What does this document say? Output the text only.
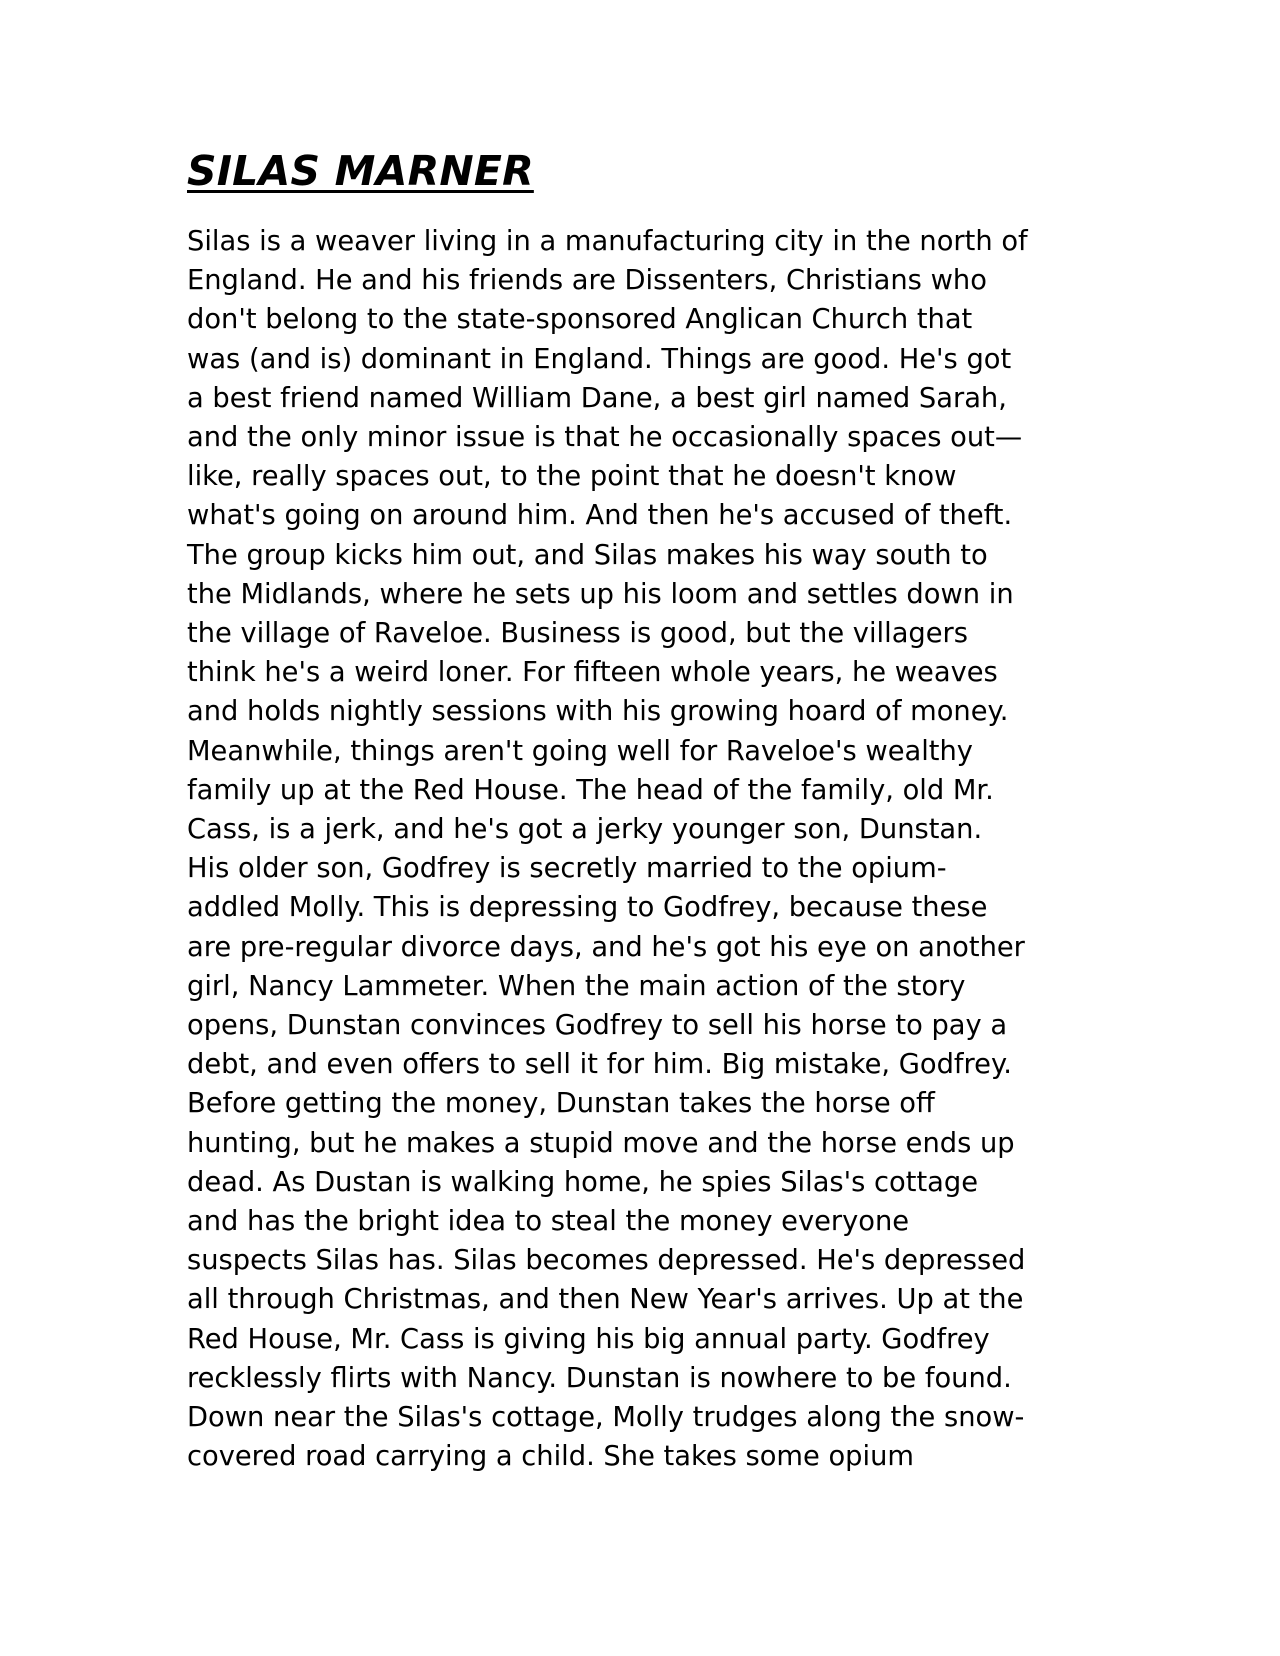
SILAS MARNER
Silas is a weaver living in a manufacturing city in the north of
England. He and his friends are Dissenters, Christians who
don't belong to the state-sponsored Anglican Church that
was (and is) dominant in England. Things are good. He's got
a best friend named William Dane, a best girl named Sarah,
and the only minor issue is that he occasionally spaces out—
like, really spaces out, to the point that he doesn't know
what's going on around him. And then he's accused of theft.
The group kicks him out, and Silas makes his way south to
the Midlands, where he sets up his loom and settles down in
the village of Raveloe. Business is good, but the villagers
think he's a weird loner. For fifteen whole years, he weaves
and holds nightly sessions with his growing hoard of money.
Meanwhile, things aren't going well for Raveloe's wealthy
family up at the Red House. The head of the family, old Mr.
Cass, is a jerk, and he's got a jerky younger son, Dunstan.
His older son, Godfrey is secretly married to the opium-
addled Molly. This is depressing to Godfrey, because these
are pre-regular divorce days, and he's got his eye on another
girl, Nancy Lammeter. When the main action of the story
opens, Dunstan convinces Godfrey to sell his horse to pay a
debt, and even offers to sell it for him. Big mistake, Godfrey.
Before getting the money, Dunstan takes the horse off
hunting, but he makes a stupid move and the horse ends up
dead. As Dustan is walking home, he spies Silas's cottage
and has the bright idea to steal the money everyone
suspects Silas has. Silas becomes depressed. He's depressed
all through Christmas, and then New Year's arrives. Up at the
Red House, Mr. Cass is giving his big annual party. Godfrey
recklessly flirts with Nancy. Dunstan is nowhere to be found.
Down near the Silas's cottage, Molly trudges along the snow-
covered road carrying a child. She takes some opium
